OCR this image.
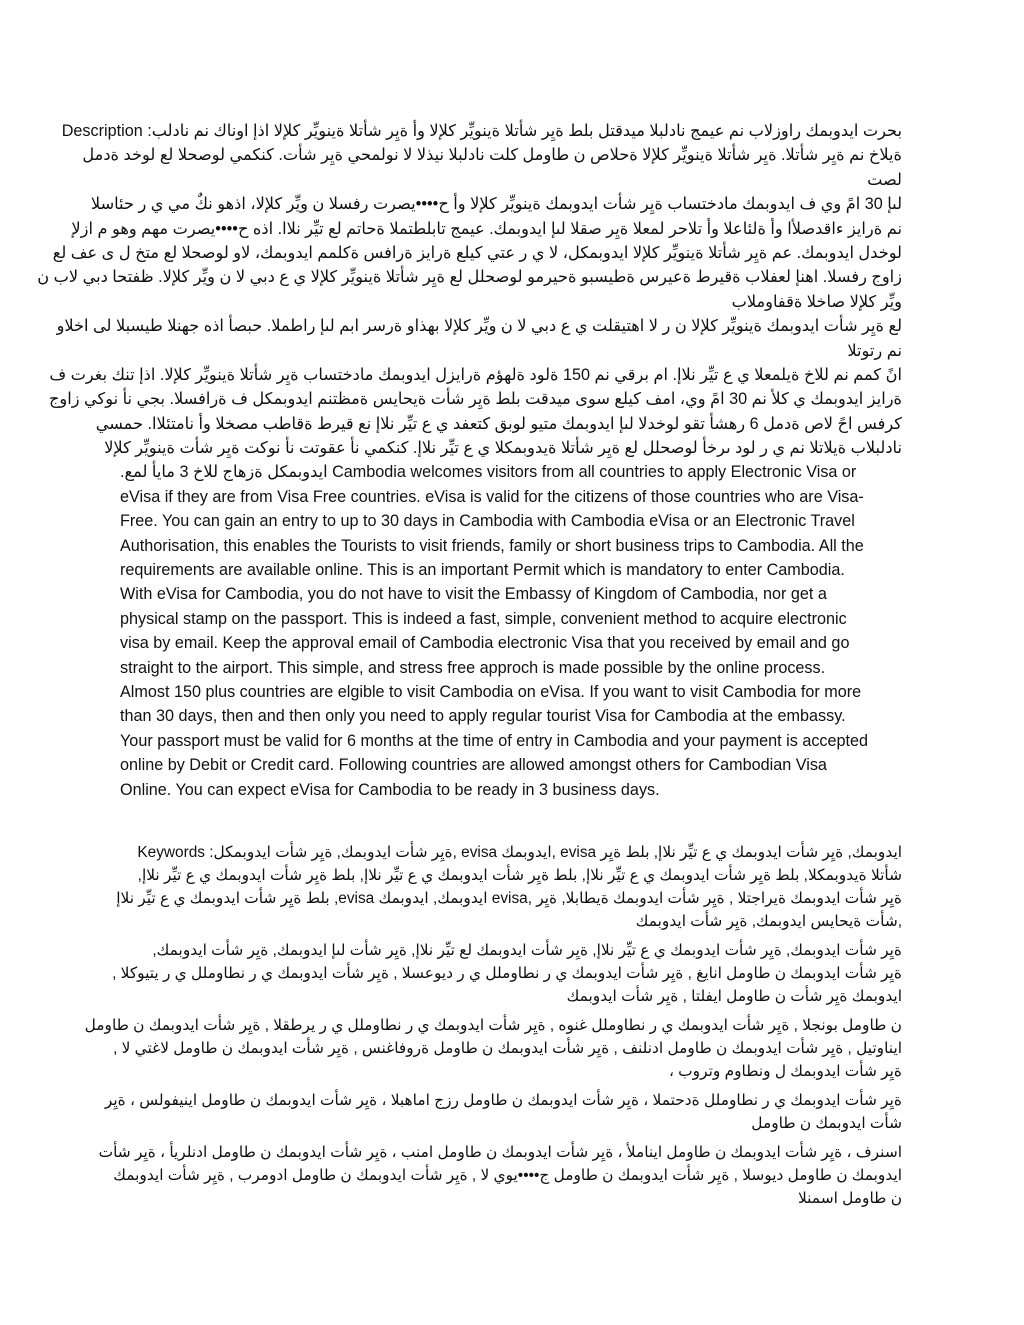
بحرت ايدوبمك راوزلاب نم عيمج نادلبلا ميدقتل بلط ةيِر شأتلا ةينويِّر كلإلا وأ ةيِر شأتلا ةينويِّر كلإلا اذإ اوناك نم نادلب: Description
ةيلاخ نم ةيِر شأتلا. ةيِر شأتلا ةينويِّر كلإلا ةحلاص ن طاومل كلت نادلبلا نيذلا لا نولمحي ةيِر شأت. كنكمي لوصحلا لع لوخد ةدمل
لصت
لىإ 30 امً وي ف ايدوبمك مادختساب ةيِر شأت ايدوبمك ةينويِّر كلإلا وأ ح••••يصرت رفسلا ن ويِّر كلإلا، اذهو نكٌ مي ي ر حئاسلا
نم ةرايز ءاقدصلأا وأ ةلئاعلا وأ تلاحر لمعلا ةيِر صقلا لىإ ايدوبمك. عيمج تابلطتملا ةحاتم لع تيِّر نلاا. اذه ح••••يصرت مهم وهو م ازلإ
لوخدل ايدوبمك. عم ةيِر شأتلا ةينويِّر كلإلا ايدوبمكل، لا ي ر عتي كيلع ةرايز ةرافس ةكلمم ايدوبمك، لاو لوصحلا لع متخ ل ى عف لع
زاوج رفسلا. اهنإ لعفلاب ةقيرط ةعيرس ةطيسبو ةحيرمو لوصحلل لع ةيِر شأتلا ةينويِّر كلإلا ي ع دبي لا ن ويِّر كلإلا. ظفتحا دبي لاب ن
ويِّر كلإلا صاخلا ةقفاوملاب
لع ةيِر شأت ايدوبمك ةينويِّر كلإلا ن ر لا اهتيقلت ي ع دبي لا ن ويِّر كلإلا بهذاو ةرسر ابم لىإ راطملا. حبصأ اذه جهنلا طيسبلا لى اخلاو
نم رتوتلا
انً كمم نم للاخ ةيلمعلا ي ع تيِّر نلاإ. ام برقي نم 150 ةلود ةلهؤم ةرايزل ايدوبمك مادختساب ةيِر شأتلا ةينويِّر كلإلا. اذإ تنك بغرت ف
ةرايز ايدوبمك ي كلأ نم 30 امً وي، امف كيلع سوى ميدقت بلط ةيِر شأت ةيحايس ةمظتنم ايدوبمكل ف ةرافسلا. بجي نأ نوكي زاوج
كرفس احً لاص ةدمل 6 رهشأ تقو لوخدلا لىإ ايدوبمك متيو لوبق كتعفد ي ع تيِّر نلاإ نع قيرط ةقاطب مصخلا وأ نامتئلاا. حمسي
نادلبلاب ةيلاتلا نم ي ر لود ىرخأ لوصحلل لع ةيِر شأتلا ةيدوبمكلا ي ع تيِّر نلاإ. كنكمي نأ عقوتت نأ نوكت ةيِر شأت ةينويِّر كلإلا
ايدوبمكل ةزهاج للاخ 3 مايأ لمع. Cambodia welcomes visitors from all countries to apply Electronic Visa or
eVisa if they are from Visa Free countries. eVisa is valid for the citizens of those countries who are Visa-
Free. You can gain an entry to up to 30 days in Cambodia with Cambodia eVisa or an Electronic Travel
Authorisation, this enables the Tourists to visit friends, family or short business trips to Cambodia. All the
requirements are available online. This is an important Permit which is mandatory to enter Cambodia.
With eVisa for Cambodia, you do not have to visit the Embassy of Kingdom of Cambodia, nor get a
physical stamp on the passport. This is indeed a fast, simple, convenient method to acquire electronic
visa by email. Keep the approval email of Cambodia electronic Visa that you received by email and go
straight to the airport. This simple, and stress free approch is made possible by the online process.
Almost 150 plus countries are elgible to visit Cambodia on eVisa. If you want to visit Cambodia for more
than 30 days, then and then only you need to apply regular tourist Visa for Cambodia at the embassy.
Your passport must be valid for 6 months at the time of entry in Cambodia and your payment is accepted
online by Debit or Credit card. Following countries are allowed amongst others for Cambodian Visa
Online. You can expect eVisa for Cambodia to be ready in 3 business days.
ايدوبمك, ةيِر شأت ايدوبمك ي ع تيِّر نلاإ, بلط ةيِر evisa ,ايدوبمك evisa ,ةيِر شأت ايدوبمك, ةيِر شأت ايدوبمكل: Keywords
شأتلا ةيدوبمكلا, بلط ةيِر شأت ايدوبمك ي ع تيِّر نلاإ, بلط ةيِر شأت ايدوبمك ي ع تيِّر نلاإ, بلط ةيِر شأت ايدوبمك ي ع تيِّر نلاإ,
ةيِر شأت ايدوبمك ةيراجتلا , ةيِر شأت ايدوبمك ةيطابلا, ةيِر ,evisa ايدوبمك, ايدوبمك evisa, بلط ةيِر شأت ايدوبمك ي ع تيِّر نلاإ
,شأت ةيحايس ايدوبمك, ةيِر شأت ايدوبمك
ةيِر شأت ايدوبمك, ةيِر شأت ايدوبمك ي ع تيِّر نلاإ, ةيِر شأت ايدوبمك لع تيِّر نلاإ, ةيِر شأت لىإ ايدوبمك, ةيِر شأت ايدوبمك,
ةيِر شأت ايدوبمك ن طاومل انايغ , ةيِر شأت ايدوبمك ي ر نطاوملل ي ر ديوعسلا , ةيِر شأت ايدوبمك ي ر نطاوملل ي ر يتيوكلا ,
ايدوبمك ةيِر شأت ن طاومل ايفلتا , ةيِر شأت ايدوبمك
ن طاومل بونجلا , ةيِر شأت ايدوبمك ي ر نطاوملل غنوه , ةيِر شأت ايدوبمك ي ر نطاوملل ي ر يرطقلا , ةيِر شأت ايدوبمك ن طاومل
ايناوتيل , ةيِر شأت ايدوبمك ن طاومل ادنلنف , ةيِر شأت ايدوبمك ن طاومل ةروفاغنس , ةيِر شأت ايدوبمك ن طاومل لاغتي لا ,
ةيِر شأت ايدوبمك ل ونطاوم وتروب ،
ةيِر شأت ايدوبمك ي ر نطاوملل ةدحتملا ، ةيِر شأت ايدوبمك ن طاومل رزج اماهبلا ، ةيِر شأت ايدوبمك ن طاومل اينيفولس ، ةيِر
شأت ايدوبمك ن طاومل
اسنرف ، ةيِر شأت ايدوبمك ن طاومل ايناملأ ، ةيِر شأت ايدوبمك ن طاومل امنب ، ةيِر شأت ايدوبمك ن طاومل ادنلريأ ، ةيِر شأت
ايدوبمك ن طاومل ديوسلا , ةيِر شأت ايدوبمك ن طاومل ج••••يوي لا , ةيِر شأت ايدوبمك ن طاومل ادومرب , ةيِر شأت ايدوبمك
ن طاومل اسمنلا
